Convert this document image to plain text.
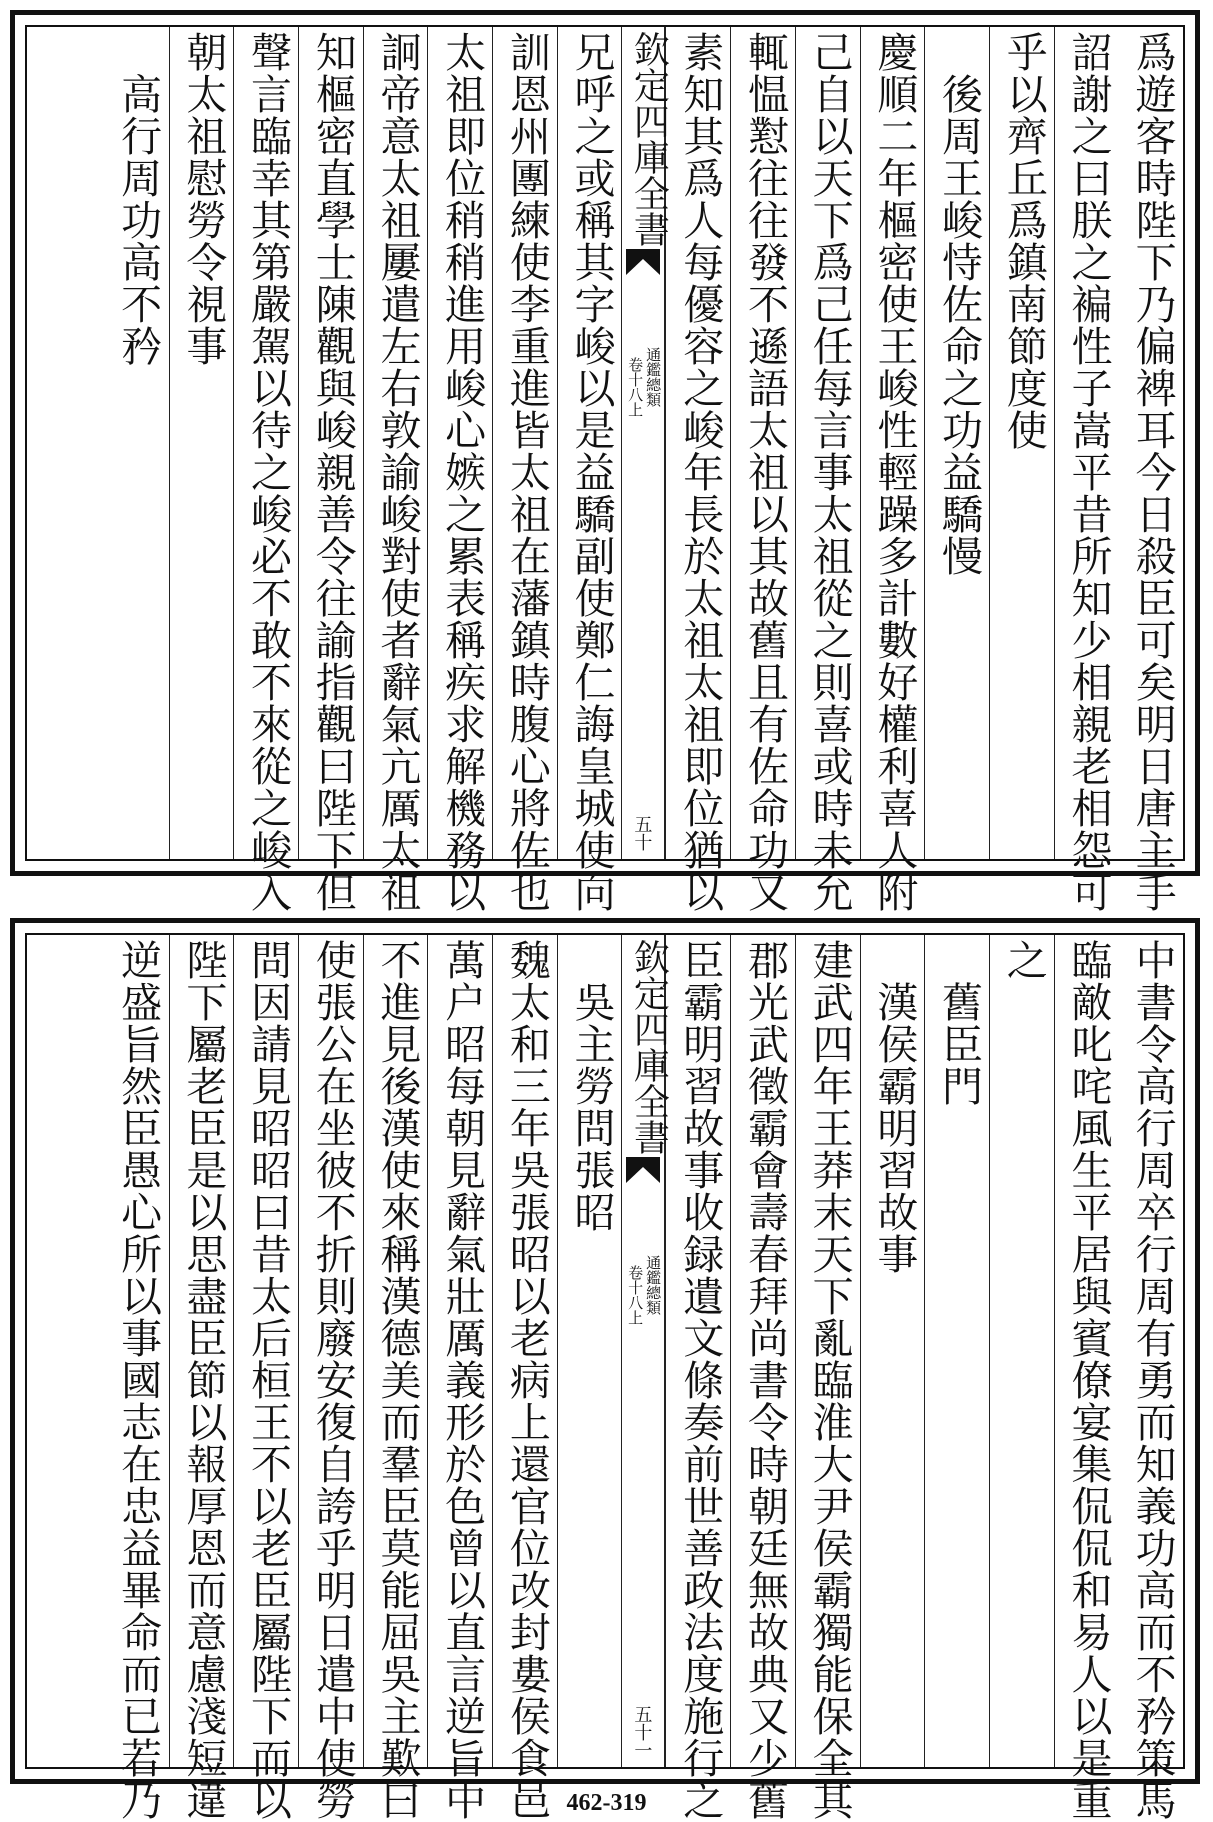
爲遊客時陛下乃偏裨耳今日殺臣可矣明日唐主手
詔謝之曰朕之褊性子嵩平昔所知少相親老相怨可
乎以齊丘爲鎮南節度使
　後周王峻恃佐命之功益驕慢
慶順二年樞密使王峻性輕躁多計數好權利喜人附
己自以天下爲己任每言事太祖從之則喜或時未允
輒愠懟往往發不遜語太祖以其故舊且有佐命功又
素知其爲人每優容之峻年長於太祖太祖即位猶以
欽定四庫全書
通鑑總類
卷十八上
五十
兄呼之或稱其字峻以是益驕副使鄭仁誨皇城使向
訓恩州團練使李重進皆太祖在藩鎮時腹心將佐也
太祖即位稍稍進用峻心嫉之累表稱疾求解機務以
詗帝意太祖屢遣左右敦諭峻對使者辭氣亢厲太祖
知樞密直學士陳觀與峻親善令往諭指觀曰陛下但
聲言臨幸其第嚴駕以待之峻必不敢不來從之峻入
朝太祖慰勞令視事
　高行周功高不矜
中書令高行周卒行周有勇而知義功高而不矜策馬
臨敵叱咤風生平居與賓僚宴集侃侃和易人以是重
之
　舊臣門
　漢侯霸明習故事
建武四年王莽末天下亂臨淮大尹侯霸獨能保全其
郡光武徵霸會壽春拜尚書令時朝廷無故典又少舊
臣霸明習故事收録遺文條奏前世善政法度施行之
欽定四庫全書
通鑑總類
卷十八上
五十一
　吳主勞問張昭
魏太和三年吳張昭以老病上還官位改封婁侯食邑
萬户昭每朝見辭氣壯厲義形於色曾以直言逆旨中
不進見後漢使來稱漢德美而羣臣莫能屈吳主歎曰
使張公在坐彼不折則廢安復自誇乎明日遣中使勞
問因請見昭昭曰昔太后桓王不以老臣屬陛下而以
陛下屬老臣是以思盡臣節以報厚恩而意慮淺短違
逆盛旨然臣愚心所以事國志在忠益畢命而已若乃	462-319
